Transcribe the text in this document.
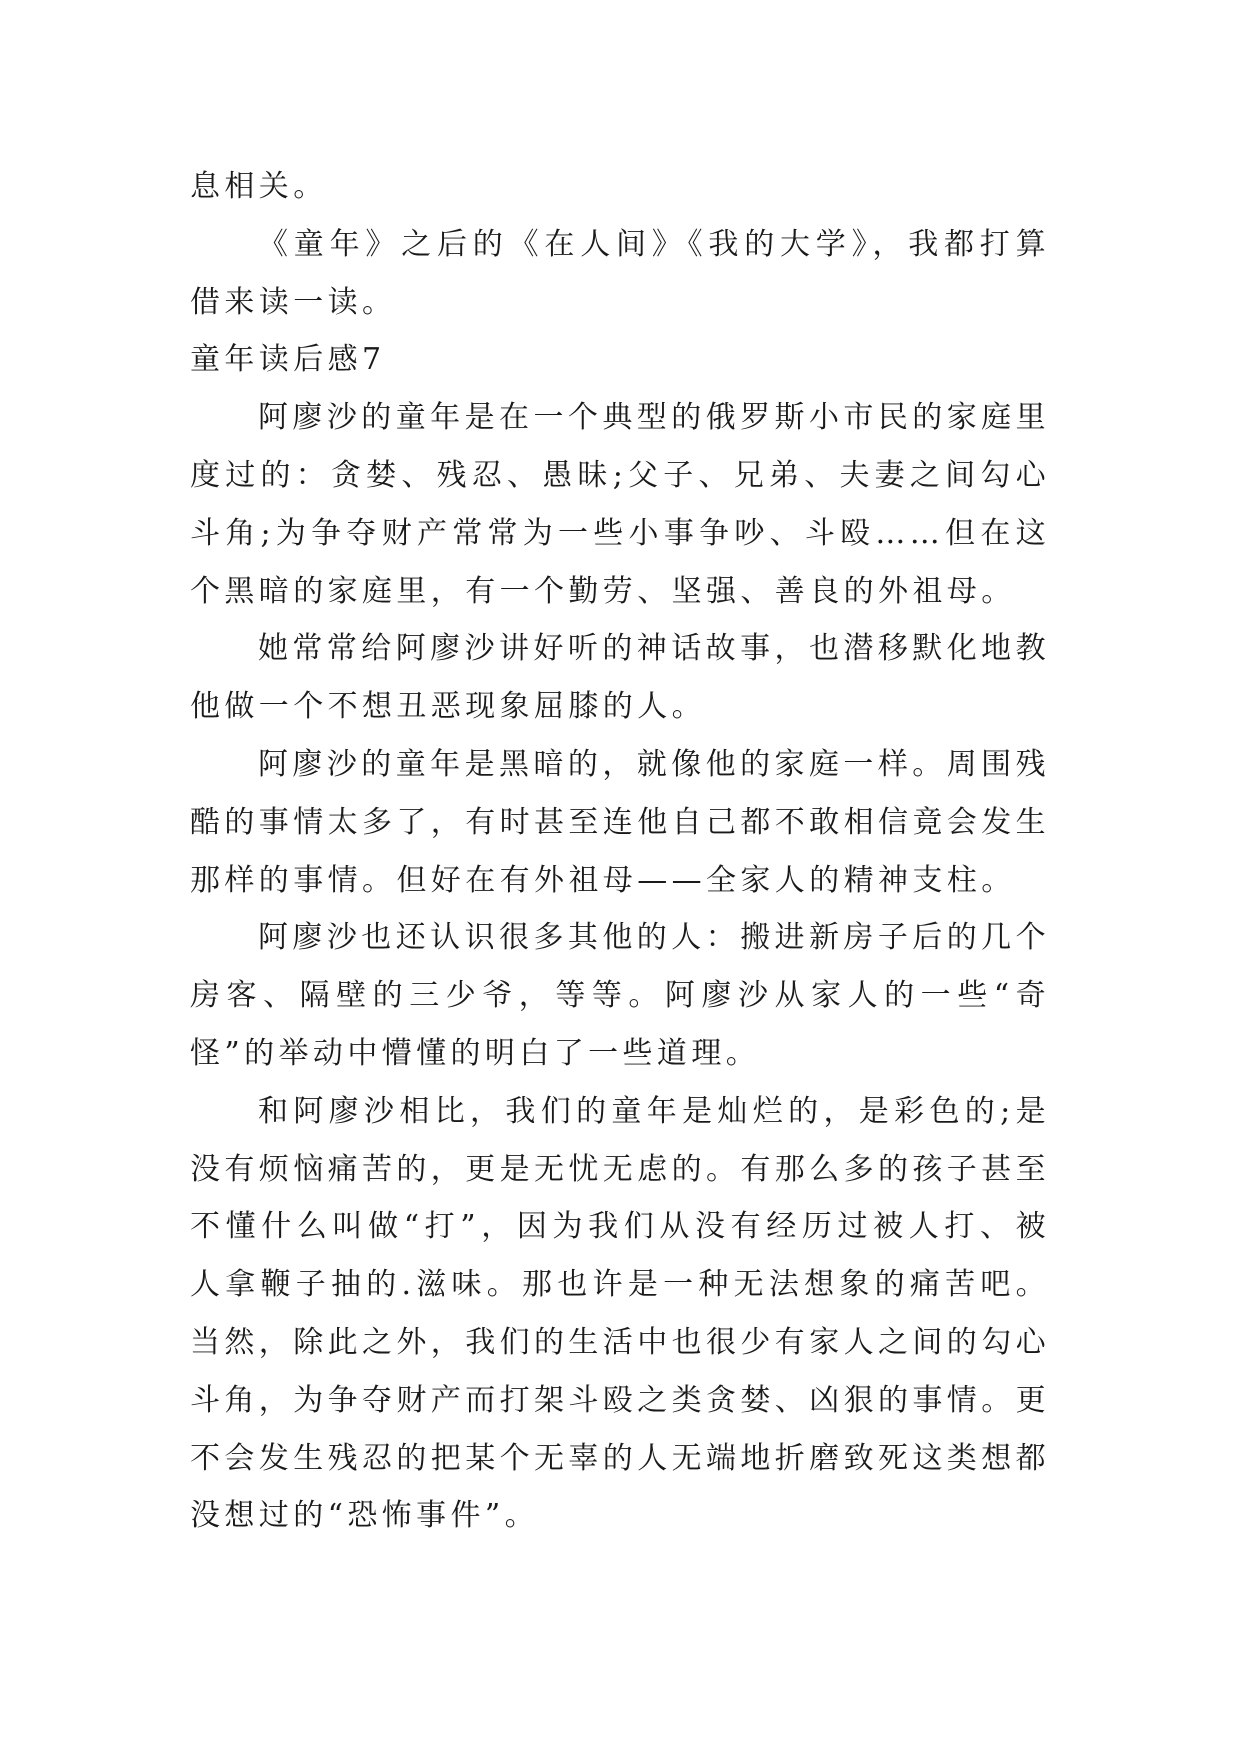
息相关。

《童年》之后的《在人间》《我的大学》，我都打算借来读一读。

童年读后感7

阿廖沙的童年是在一个典型的俄罗斯小市民的家庭里度过的：贪婪、残忍、愚昧;父子、兄弟、夫妻之间勾心斗角;为争夺财产常常为一些小事争吵、斗殴……但在这个黑暗的家庭里，有一个勤劳、坚强、善良的外祖母。

她常常给阿廖沙讲好听的神话故事，也潜移默化地教他做一个不想丑恶现象屈膝的人。

阿廖沙的童年是黑暗的，就像他的家庭一样。周围残酷的事情太多了，有时甚至连他自己都不敢相信竟会发生那样的事情。但好在有外祖母——全家人的精神支柱。

阿廖沙也还认识很多其他的人：搬进新房子后的几个房客、隔壁的三少爷，等等。阿廖沙从家人的一些“奇怪”的举动中懵懂的明白了一些道理。

和阿廖沙相比，我们的童年是灿烂的，是彩色的;是没有烦恼痛苦的，更是无忧无虑的。有那么多的孩子甚至不懂什么叫做“打”，因为我们从没有经历过被人打、被人拿鞭子抽的.滋味。那也许是一种无法想象的痛苦吧。当然，除此之外，我们的生活中也很少有家人之间的勾心斗角，为争夺财产而打架斗殴之类贪婪、凶狠的事情。更不会发生残忍的把某个无辜的人无端地折磨致死这类想都没想过的“恐怖事件”。
